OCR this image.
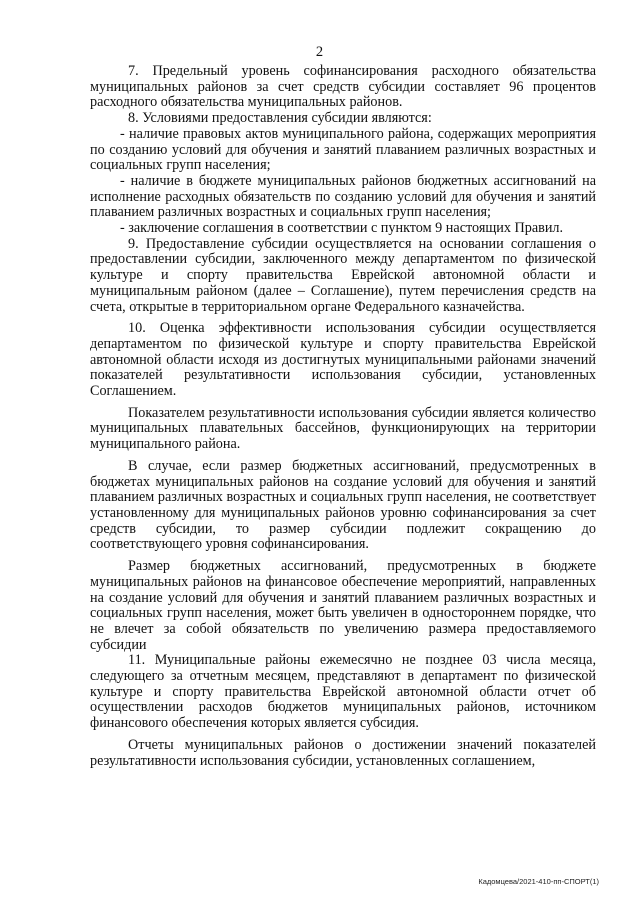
2

7. Предельный уровень софинансирования расходного обязательства муниципальных районов за счет средств субсидии составляет 96 процентов расходного обязательства муниципальных районов.

8. Условиями предоставления субсидии являются:

- наличие правовых актов муниципального района, содержащих мероприятия по созданию условий для обучения и занятий плаванием различных возрастных и социальных групп населения;

- наличие в бюджете муниципальных районов бюджетных ассигнований на исполнение расходных обязательств по созданию условий для обучения и занятий плаванием различных возрастных и социальных групп населения;

- заключение соглашения в соответствии с пунктом 9 настоящих Правил.

9. Предоставление субсидии осуществляется на основании соглашения о предоставлении субсидии, заключенного между департаментом по физической культуре и спорту правительства Еврейской автономной области и муниципальным районом (далее – Соглашение), путем перечисления средств на счета, открытые в территориальном органе Федерального казначейства.

10. Оценка эффективности использования субсидии осуществляется департаментом по физической культуре и спорту правительства Еврейской автономной области исходя из достигнутых муниципальными районами значений показателей результативности использования субсидии, установленных Соглашением.

Показателем результативности использования субсидии является количество муниципальных плавательных бассейнов, функционирующих на территории муниципального района.

В случае, если размер бюджетных ассигнований, предусмотренных в бюджетах муниципальных районов на создание условий для обучения и занятий плаванием различных возрастных и социальных групп населения, не соответствует установленному для муниципальных районов уровню софинансирования за счет средств субсидии, то размер субсидии подлежит сокращению до соответствующего уровня софинансирования.

Размер бюджетных ассигнований, предусмотренных в бюджете муниципальных районов на финансовое обеспечение мероприятий, направленных на создание условий для обучения и занятий плаванием различных возрастных и социальных групп населения, может быть увеличен в одностороннем порядке, что не влечет за собой обязательств по увеличению размера предоставляемого субсидии

11. Муниципальные районы ежемесячно не позднее 03 числа месяца, следующего за отчетным месяцем, представляют в департамент по физической культуре и спорту правительства Еврейской автономной области отчет об осуществлении расходов бюджетов муниципальных районов, источником финансового обеспечения которых является субсидия.

Отчеты муниципальных районов о достижении значений показателей результативности использования субсидии, установленных соглашением,

Кадомцева/2021-410-пп-СПОРТ(1)
